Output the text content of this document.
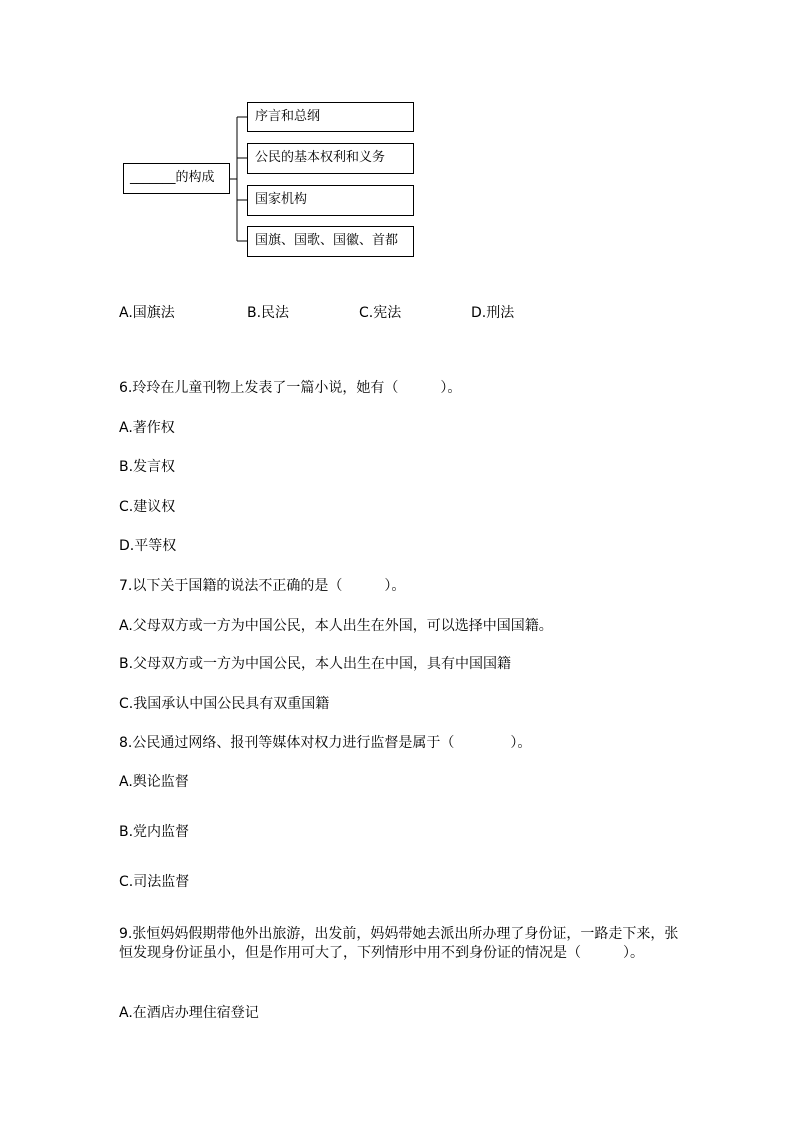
_______的构成
序言和总纲
公民的基本权利和义务
国家机构
国旗、国歌、国徽、首都

A.国旗法	B.民法	C.宪法	D.刑法

6.玲玲在儿童刊物上发表了一篇小说，她有（　　　）。

A.著作权

B.发言权

C.建议权

D.平等权

7.以下关于国籍的说法不正确的是（　　　）。

A.父母双方或一方为中国公民，本人出生在外国，可以选择中国国籍。

B.父母双方或一方为中国公民，本人出生在中国，具有中国国籍

C.我国承认中国公民具有双重国籍

8.公民通过网络、报刊等媒体对权力进行监督是属于（　　　　）。

A.舆论监督

B.党内监督

C.司法监督

9.张恒妈妈假期带他外出旅游，出发前，妈妈带她去派出所办理了身份证，一路走下来，张恒发现身份证虽小，但是作用可大了，下列情形中用不到身份证的情况是（　　　）。

A.在酒店办理住宿登记
